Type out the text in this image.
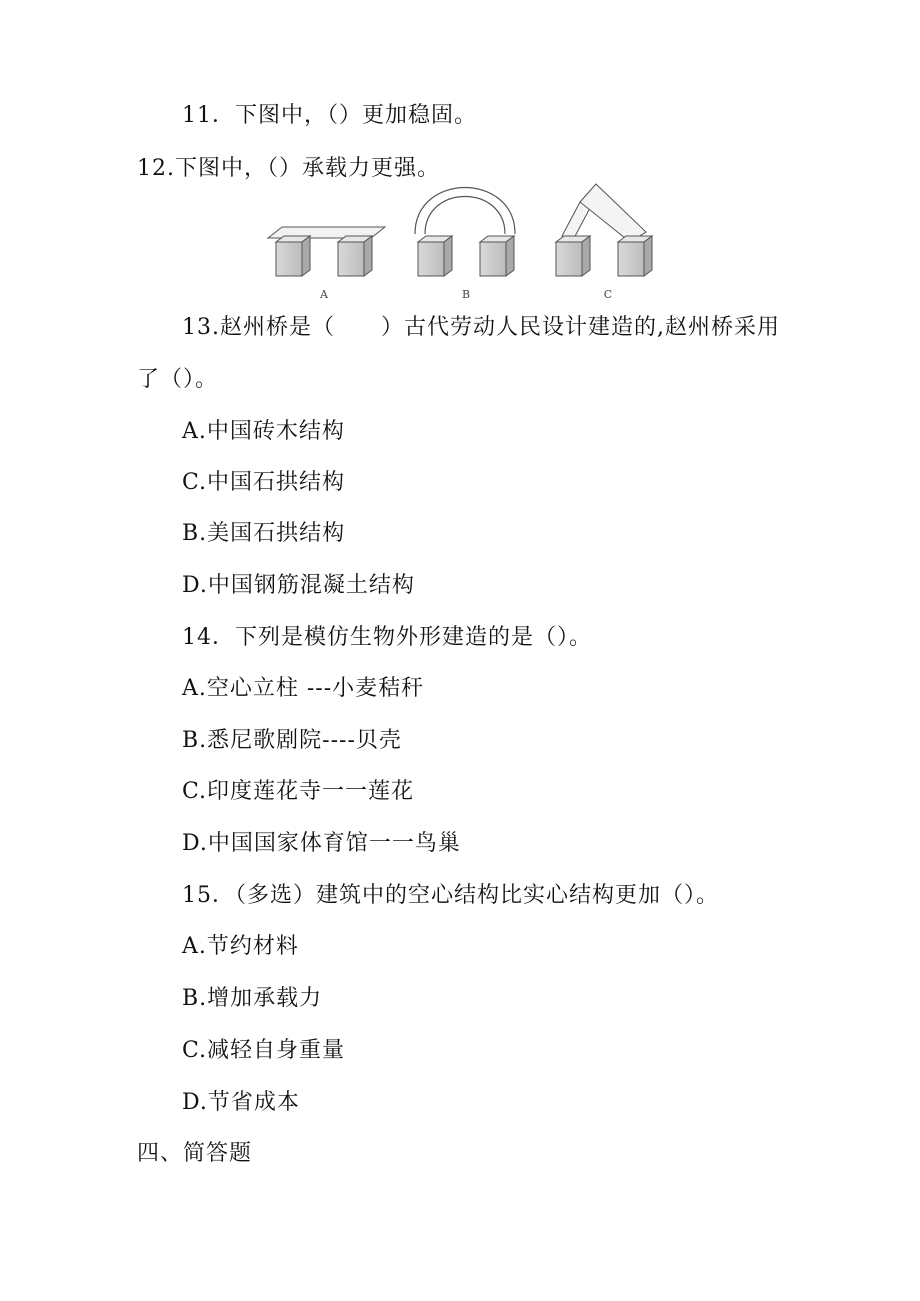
11．下图中，（）更加稳固。
12.下图中，（）承载力更强。
A	B	C
13.赵州桥是（　　）古代劳动人民设计建造的,赵州桥采用
了（）。
A.中国砖木结构
C.中国石拱结构
B.美国石拱结构
D.中国钢筋混凝土结构
14．下列是模仿生物外形建造的是（）。
A.空心立柱 ---小麦秸秆
B.悉尼歌剧院----贝壳
C.印度莲花寺一一莲花
D.中国国家体育馆一一鸟巢
15．（多选）建筑中的空心结构比实心结构更加（）。
A.节约材料
B.增加承载力
C.减轻自身重量
D.节省成本
四、简答题
